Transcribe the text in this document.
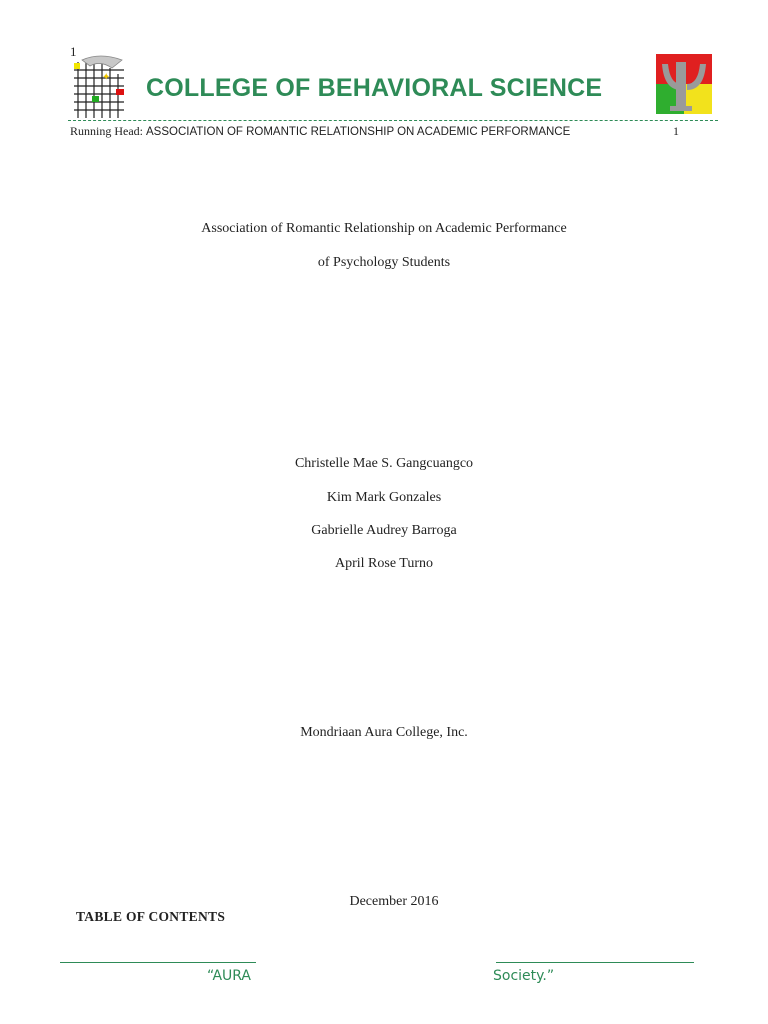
1
✦ COLLEGE OF BEHAVIORAL SCIENCE
Running Head: ASSOCIATION OF ROMANTIC RELATIONSHIP ON ACADEMIC PERFORMANCE	1
Association of Romantic Relationship on Academic Performance
of Psychology Students
Christelle Mae S. Gangcuangco
Kim Mark Gonzales
Gabrielle Audrey Barroga
April Rose Turno
Mondriaan Aura College, Inc.
December 2016
TABLE OF CONTENTS
“AURA	Society.”
